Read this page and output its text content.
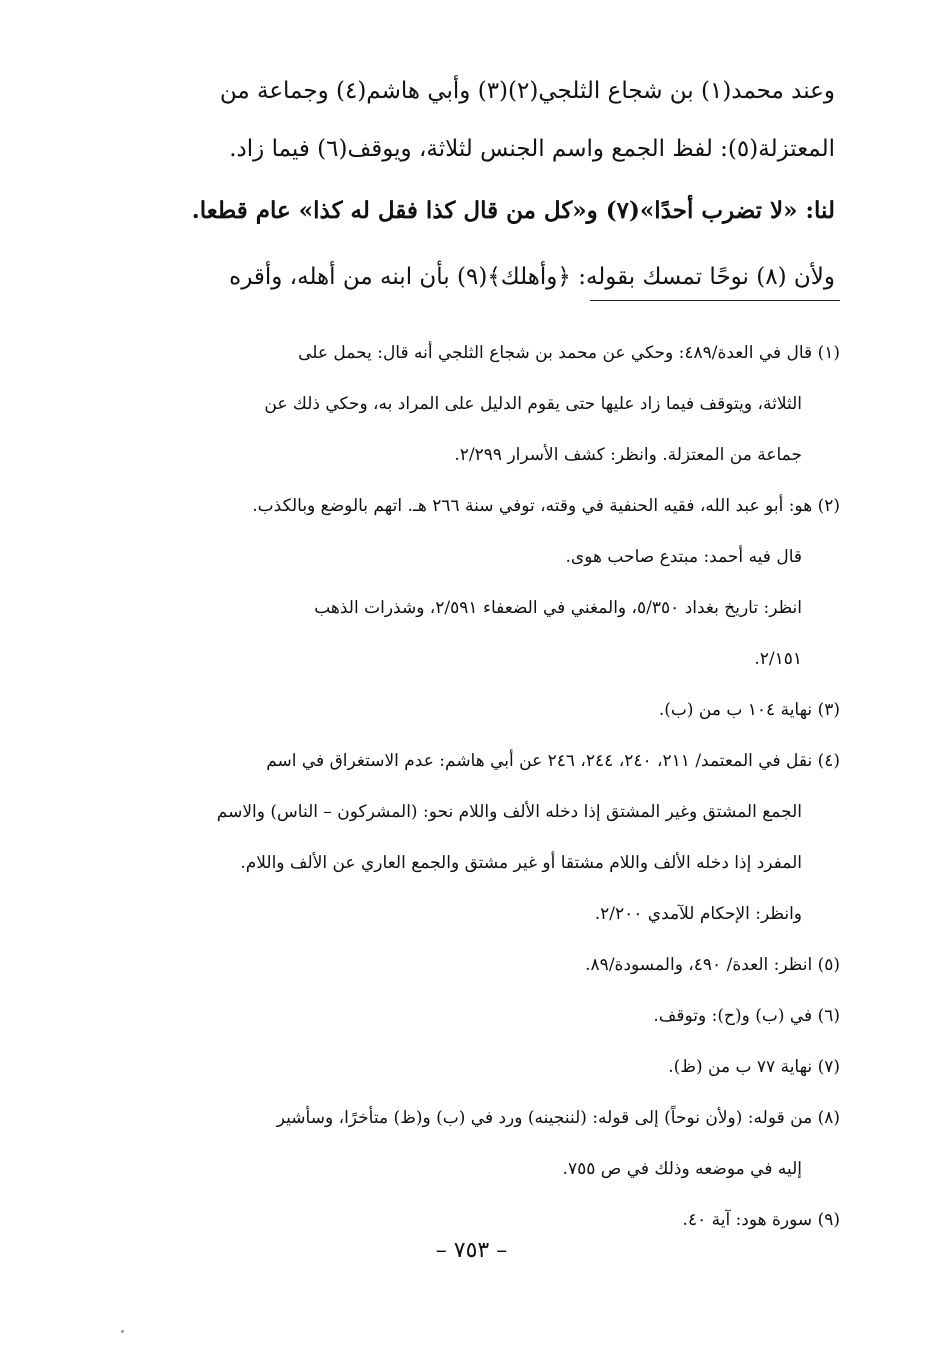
وعند محمد(١) بن شجاع الثلجي(٢)(٣) وأبي هاشم(٤) وجماعة من
المعتزلة(٥): لفظ الجمع واسم الجنس لثلاثة، ويوقف(٦) فيما زاد.
لنا: «لا تضرب أحدًا»(٧) و«كل من قال كذا فقل له كذا» عام قطعا.
ولأن (٨) نوحًا تمسك بقوله: ﴿وأهلك﴾(٩) بأن ابنه من أهله، وأقره
(١) قال في العدة/٤٨٩: وحكي عن محمد بن شجاع الثلجي أنه قال: يحمل على
الثلاثة، ويتوقف فيما زاد عليها حتى يقوم الدليل على المراد به، وحكي ذلك عن
جماعة من المعتزلة. وانظر: كشف الأسرار ٢/٢٩٩.
(٢) هو: أبو عبد الله، فقيه الحنفية في وقته، توفي سنة ٢٦٦ هـ. اتهم بالوضع وبالكذب.
قال فيه أحمد: مبتدع صاحب هوى.
انظر: تاريخ بغداد ٥/٣٥٠، والمغني في الضعفاء ٢/٥٩١، وشذرات الذهب
٢/١٥١.
(٣) نهاية ١٠٤ ب من (ب).
(٤) نقل في المعتمد/ ٢١١، ٢٤٠، ٢٤٤، ٢٤٦ عن أبي هاشم: عدم الاستغراق في اسم
الجمع المشتق وغير المشتق إذا دخله الألف واللام نحو: (المشركون – الناس) والاسم
المفرد إذا دخله الألف واللام مشتقا أو غير مشتق والجمع العاري عن الألف واللام.
وانظر: الإحكام للآمدي ٢/٢٠٠.
(٥) انظر: العدة/ ٤٩٠، والمسودة/٨٩.
(٦) في (ب) و(ح): وتوقف.
(٧) نهاية ٧٧ ب من (ظ).
(٨) من قوله: (ولأن نوحاً) إلى قوله: (لننجينه) ورد في (ب) و(ظ) متأخرًا، وسأشير
إليه في موضعه وذلك في ص ٧٥٥.
(٩) سورة هود: آية ٤٠.
– ٧٥٣ –
